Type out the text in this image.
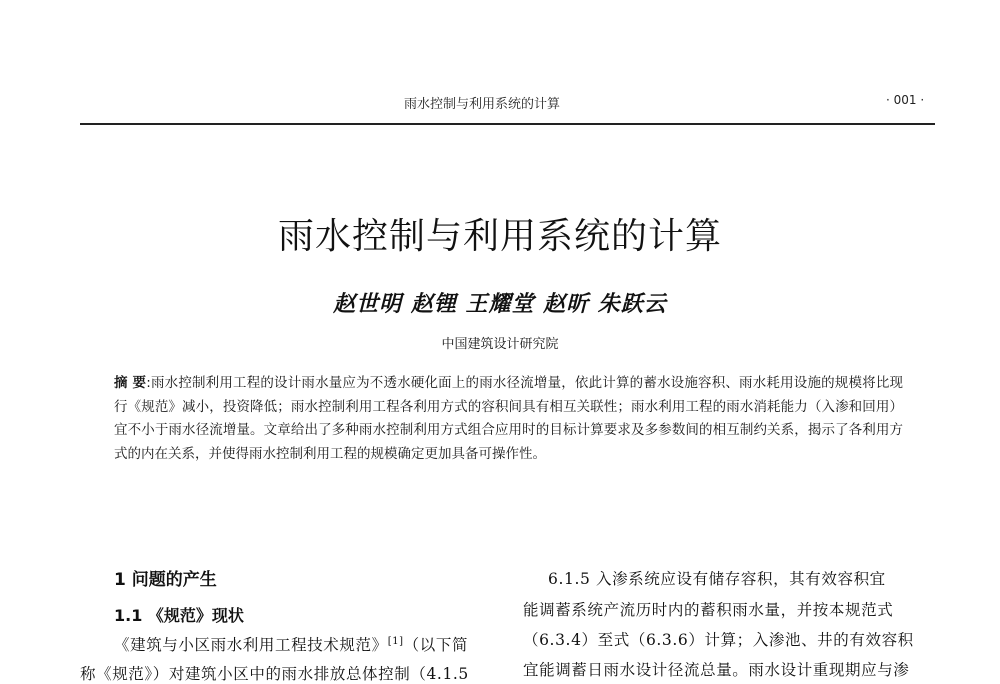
雨水控制与利用系统的计算	· 001 ·
雨水控制与利用系统的计算
赵世明 赵锂 王耀堂 赵昕 朱跃云
中国建筑设计研究院
摘 要:雨水控制利用工程的设计雨水量应为不透水硬化面上的雨水径流增量，依此计算的蓄水设施容积、雨水耗用设施的规模将比现行《规范》减小，投资降低；雨水控制利用工程各利用方式的容积间具有相互关联性；雨水利用工程的雨水消耗能力（入渗和回用）宜不小于雨水径流增量。文章给出了多种雨水控制利用方式组合应用时的目标计算要求及多参数间的相互制约关系，揭示了各利用方式的内在关系，并使得雨水控制利用工程的规模确定更加具备可操作性。
1 问题的产生
1.1 《规范》现状
《建筑与小区雨水利用工程技术规范》[1]（以下简
称《规范》）对建筑小区中的雨水排放总体控制（4.1.5
6.1.5 入渗系统应设有储存容积，其有效容积宜
能调蓄系统产流历时内的蓄积雨水量，并按本规范式
（6.3.4）至式（6.3.6）计算；入渗池、井的有效容积
宜能调蓄日雨水设计径流总量。雨水设计重现期应与渗
